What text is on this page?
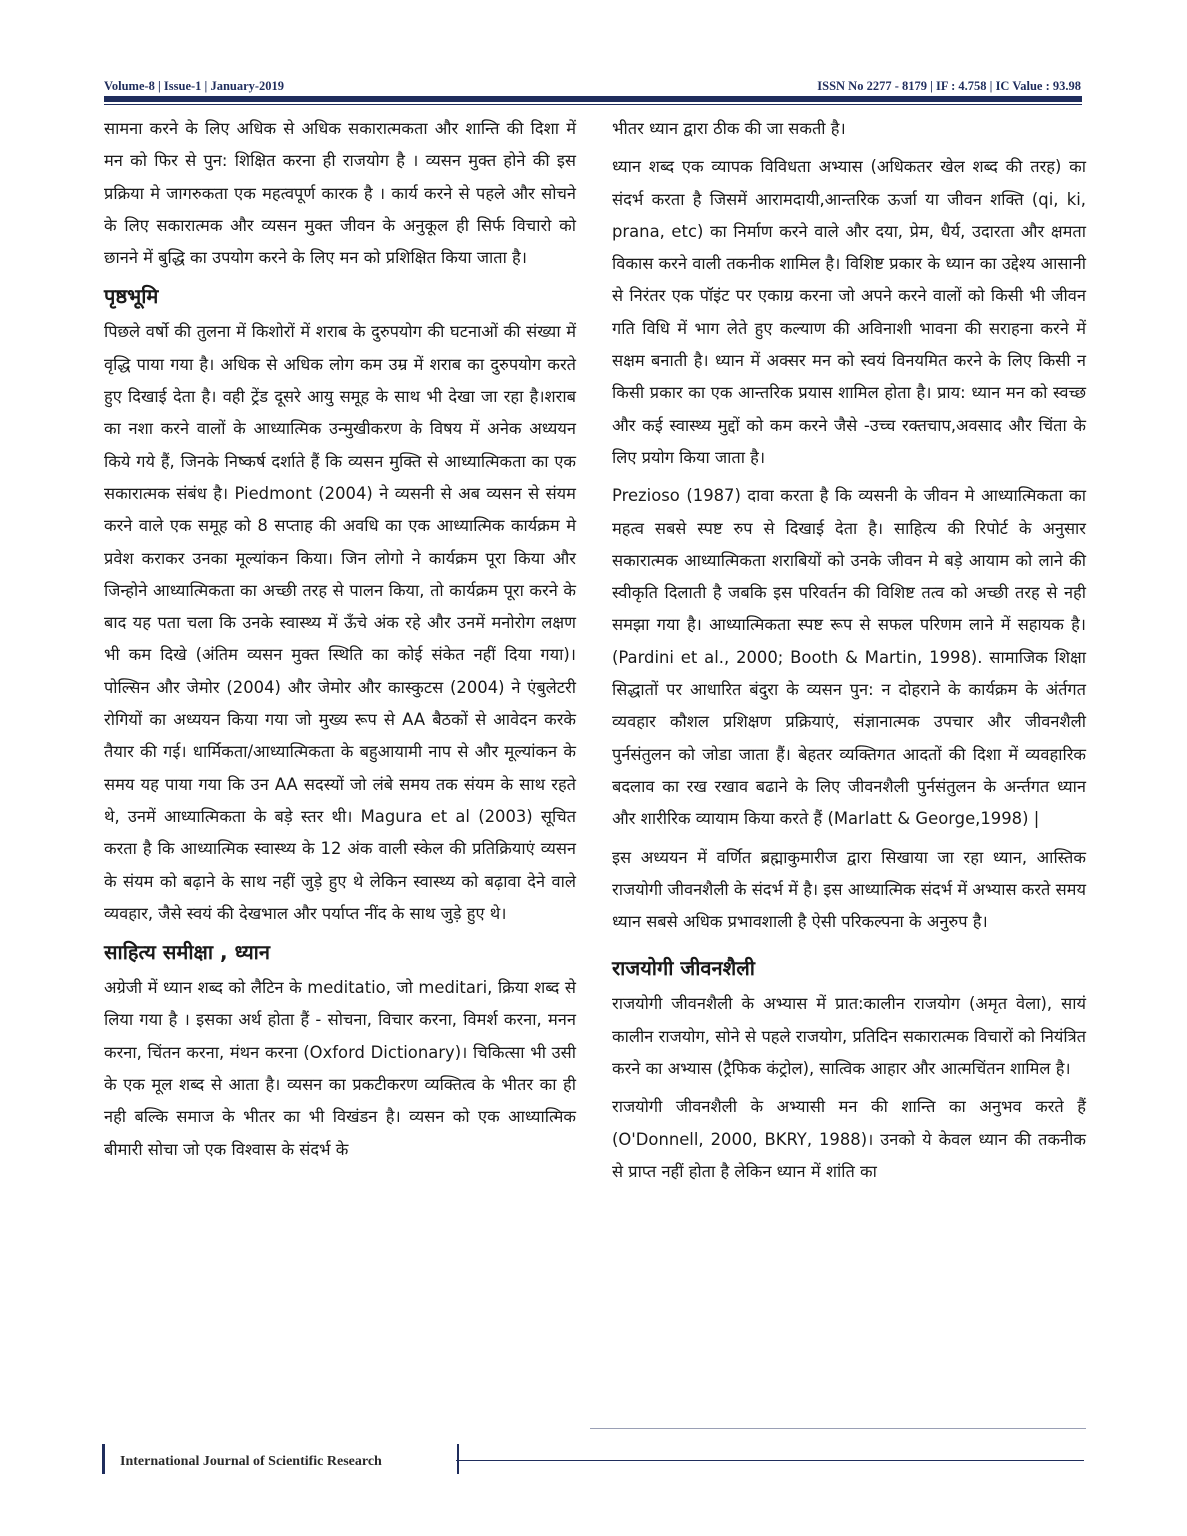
Volume-8 | Issue-1 | January-2019	ISSN No 2277 - 8179 | IF : 4.758 | IC Value : 93.98

सामना करने के लिए अधिक से अधिक सकारात्मकता और शान्ति की दिशा में मन को फिर से पुन: शिक्षित करना ही राजयोग है । व्यसन मुक्त होने की इस प्रक्रिया मे जागरुकता एक महत्वपूर्ण कारक है । कार्य करने से पहले और सोचने के लिए सकारात्मक और व्यसन मुक्त जीवन के अनुकूल ही सिर्फ विचारो को छानने में बुद्धि का उपयोग करने के लिए मन को प्रशिक्षित किया जाता है।

पृष्ठभूमि

पिछले वर्षो की तुलना में किशोरों में शराब के दुरुपयोग की घटनाओं की संख्या में वृद्धि पाया गया है। अधिक से अधिक लोग कम उम्र में शराब का दुरुपयोग करते हुए दिखाई देता है। वही ट्रेंड दूसरे आयु समूह के साथ भी देखा जा रहा है।शराब का नशा करने वालों के आध्यात्मिक उन्मुखीकरण के विषय में अनेक अध्ययन किये गये हैं, जिनके निष्कर्ष दर्शाते हैं कि व्यसन मुक्ति से आध्यात्मिकता का एक सकारात्मक संबंध है। Piedmont (2004) ने व्यसनी से अब व्यसन से संयम करने वाले एक समूह को 8 सप्ताह की अवधि का एक आध्यात्मिक कार्यक्रम मे प्रवेश कराकर उनका मूल्यांकन किया। जिन लोगो ने कार्यक्रम पूरा किया और जिन्होने आध्यात्मिकता का अच्छी तरह से पालन किया, तो कार्यक्रम पूरा करने के बाद यह पता चला कि उनके स्वास्थ्य में ऊँचे अंक रहे और उनमें मनोरोग लक्षण भी कम दिखे (अंतिम व्यसन मुक्त स्थिति का कोई संकेत नहीं दिया गया)। पोल्सिन और जेमोर (2004) और जेमोर और कास्कुटस (2004) ने एंबुलेटरी रोगियों का अध्ययन किया गया जो मुख्य रूप से AA बैठकों से आवेदन करके तैयार की गई। धार्मिकता/आध्यात्मिकता के बहुआयामी नाप से और मूल्यांकन के समय यह पाया गया कि उन AA सदस्यों जो लंबे समय तक संयम के साथ रहते थे, उनमें आध्यात्मिकता के बड़े स्तर थी। Magura et al (2003) सूचित करता है कि आध्यात्मिक स्वास्थ्य के 12 अंक वाली स्केल की प्रतिक्रियाएं व्यसन के संयम को बढ़ाने के साथ नहीं जुड़े हुए थे लेकिन स्वास्थ्य को बढ़ावा देने वाले व्यवहार, जैसे स्वयं की देखभाल और पर्याप्त नींद के साथ जुड़े हुए थे।

साहित्य समीक्षा , ध्यान

अग्रेजी में ध्यान शब्द को लैटिन के meditatio, जो meditari, क्रिया शब्द से लिया गया है । इसका अर्थ होता हैं - सोचना, विचार करना, विमर्श करना, मनन करना, चिंतन करना, मंथन करना (Oxford Dictionary)। चिकित्सा भी उसी के एक मूल शब्द से आता है। व्यसन का प्रकटीकरण व्यक्तित्व के भीतर का ही नही बल्कि समाज के भीतर का भी विखंडन है। व्यसन को एक आध्यात्मिक बीमारी सोचा जो एक विश्वास के संदर्भ के

भीतर ध्यान द्वारा ठीक की जा सकती है।

ध्यान शब्द एक व्यापक विविधता अभ्यास (अधिकतर खेल शब्द की तरह) का संदर्भ करता है जिसमें आरामदायी,आन्तरिक ऊर्जा या जीवन शक्ति (qi, ki, prana, etc) का निर्माण करने वाले और दया, प्रेम, धैर्य, उदारता और क्षमता विकास करने वाली तकनीक शामिल है। विशिष्ट प्रकार के ध्यान का उद्देश्य आसानी से निरंतर एक पॉइंट पर एकाग्र करना जो अपने करने वालों को किसी भी जीवन गति विधि में भाग लेते हुए कल्याण की अविनाशी भावना की सराहना करने में सक्षम बनाती है। ध्यान में अक्सर मन को स्वयं विनयमित करने के लिए किसी न किसी प्रकार का एक आन्तरिक प्रयास शामिल होता है। प्राय: ध्यान मन को स्वच्छ और कई स्वास्थ्य मुद्दों को कम करने जैसे -उच्च रक्तचाप,अवसाद और चिंता के लिए प्रयोग किया जाता है।

Prezioso (1987) दावा करता है कि व्यसनी के जीवन मे आध्यात्मिकता का महत्व सबसे स्पष्ट रुप से दिखाई देता है। साहित्य की रिपोर्ट के अनुसार सकारात्मक आध्यात्मिकता शराबियों को उनके जीवन मे बड़े आयाम को लाने की स्वीकृति दिलाती है जबकि इस परिवर्तन की विशिष्ट तत्व को अच्छी तरह से नही समझा गया है। आध्यात्मिकता स्पष्ट रूप से सफल परिणम लाने में सहायक है।(Pardini et al., 2000; Booth & Martin, 1998). सामाजिक शिक्षा सिद्धातों पर आधारित बंदुरा के व्यसन पुन: न दोहराने के कार्यक्रम के अंर्तगत व्यवहार कौशल प्रशिक्षण प्रक्रियाएं, संज्ञानात्मक उपचार और जीवनशैली पुर्नसंतुलन को जोडा जाता हैं। बेहतर व्यक्तिगत आदतों की दिशा में व्यवहारिक बदलाव का रख रखाव बढाने के लिए जीवनशैली पुर्नसंतुलन के अर्न्तगत ध्यान और शारीरिक व्यायाम किया करते हैं (Marlatt & George,1998) |

इस अध्ययन में वर्णित ब्रह्माकुमारीज द्वारा सिखाया जा रहा ध्यान, आस्तिक राजयोगी जीवनशैली के संदर्भ में है। इस आध्यात्मिक संदर्भ में अभ्यास करते समय ध्यान सबसे अधिक प्रभावशाली है ऐसी परिकल्पना के अनुरुप है।

राजयोगी जीवनशैली

राजयोगी जीवनशैली के अभ्यास में प्रात:कालीन राजयोग (अमृत वेला), सायं कालीन राजयोग, सोने से पहले राजयोग, प्रतिदिन सकारात्मक विचारों को नियंत्रित करने का अभ्यास (ट्रैफिक कंट्रोल), सात्विक आहार और आत्मचिंतन शामिल है।

राजयोगी जीवनशैली के अभ्यासी मन की शान्ति का अनुभव करते हैं (O'Donnell, 2000, BKRY, 1988)। उनको ये केवल ध्यान की तकनीक से प्राप्त नहीं होता है लेकिन ध्यान में शांति का

International Journal of Scientific Research
